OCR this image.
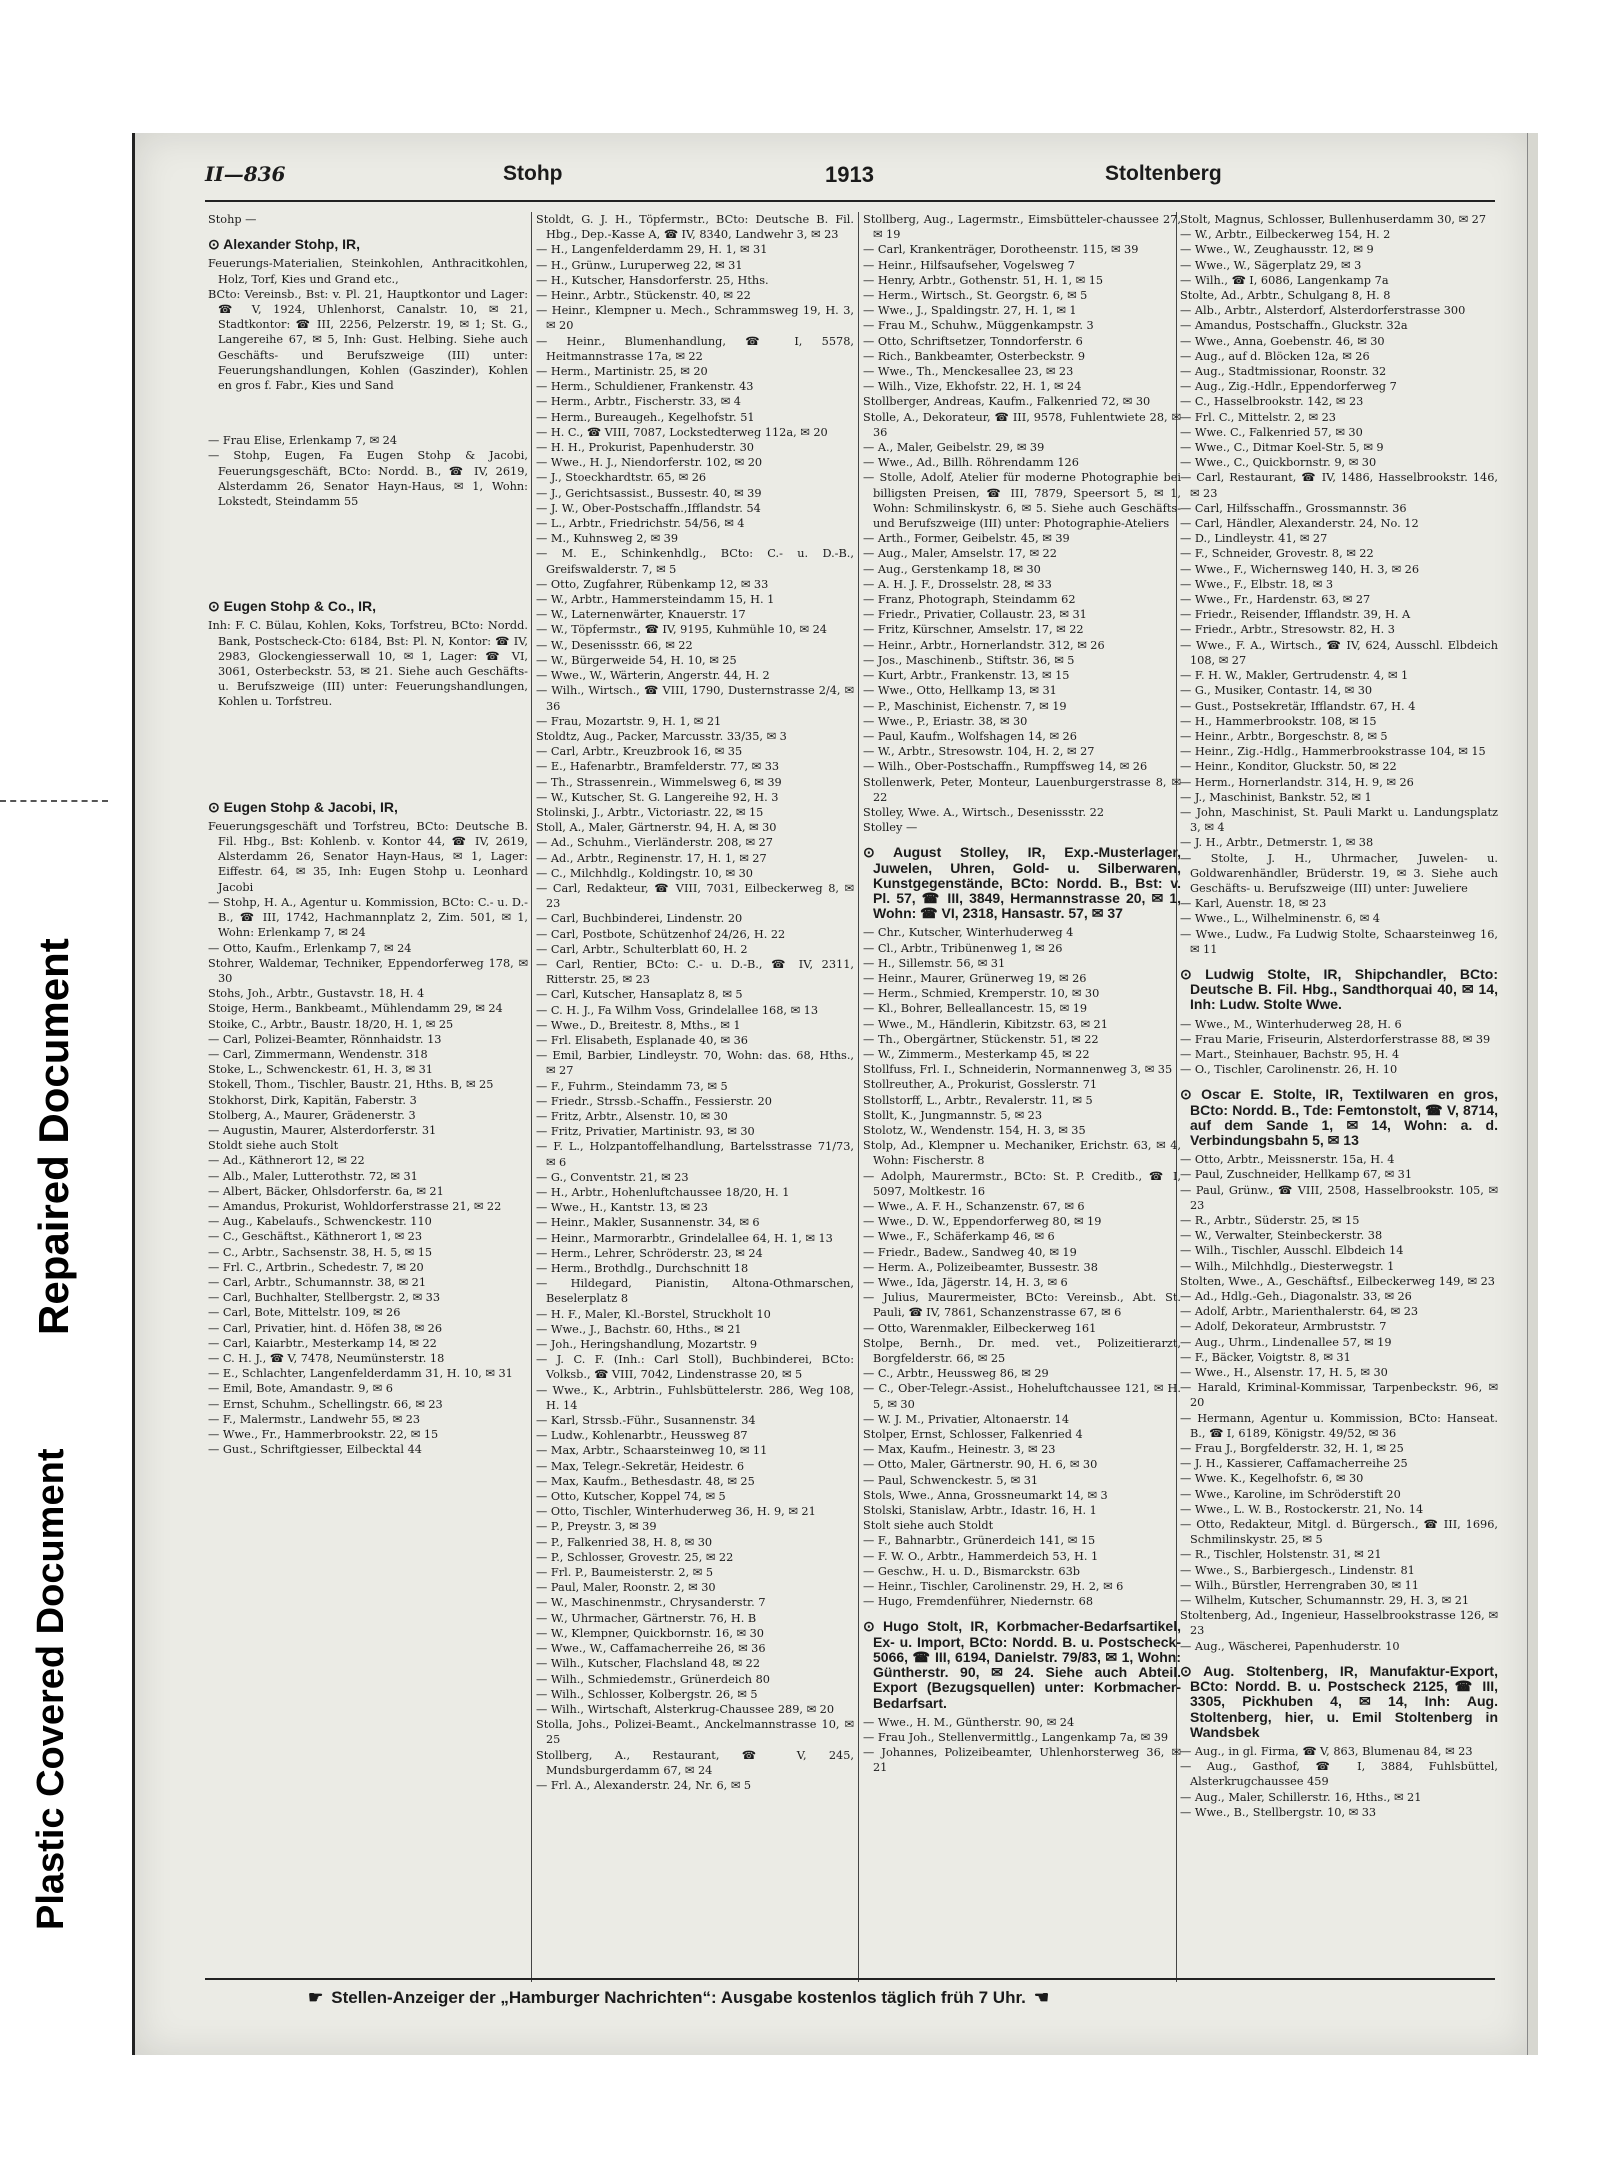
Plastic Covered Document
Repaired Document
II—836	Stohp	1913	Stoltenberg

Stohp —

⊙ Alexander Stohp, IR,

Feuerungs-Materialien, Steinkohlen, Anthracitkohlen, Holz, Torf, Kies und Grand etc.,

BCto: Vereinsb., Bst: v. Pl. 21, Hauptkontor und Lager: ☎ V, 1924, Uhlenhorst, Canalstr. 10, ✉ 21, Stadtkontor: ☎ III, 2256, Pelzerstr. 19, ✉ 1; St. G., Langereihe 67, ✉ 5, Inh: Gust. Helbing. Siehe auch Geschäfts- und Berufszweige (III) unter: Feuerungshandlungen, Kohlen (Gaszinder), Kohlen en gros f. Fabr., Kies und Sand

— Frau Elise, Erlenkamp 7, ✉ 24

— Stohp, Eugen, Fa Eugen Stohp & Jacobi, Feuerungsgeschäft, BCto: Nordd. B., ☎ IV, 2619, Alsterdamm 26, Senator Hayn-Haus, ✉ 1, Wohn: Lokstedt, Steindamm 55

⊙ Eugen Stohp & Co., IR,

Inh: F. C. Bülau, Kohlen, Koks, Torfstreu, BCto: Nordd. Bank, Postscheck-Cto: 6184, Bst: Pl. N, Kontor: ☎ IV, 2983, Glockengiesserwall 10, ✉ 1, Lager: ☎ VI, 3061, Osterbeckstr. 53, ✉ 21. Siehe auch Geschäfts- u. Berufszweige (III) unter: Feuerungshandlungen, Kohlen u. Torfstreu.

⊙ Eugen Stohp & Jacobi, IR,

Feuerungsgeschäft und Torfstreu, BCto: Deutsche B. Fil. Hbg., Bst: Kohlenb. v. Kontor 44, ☎ IV, 2619, Alsterdamm 26, Senator Hayn-Haus, ✉ 1, Lager: Eiffestr. 64, ✉ 35, Inh: Eugen Stohp u. Leonhard Jacobi

— Stohp, H. A., Agentur u. Kommission, BCto: C.- u. D.-B., ☎ III, 1742, Hachmannplatz 2, Zim. 501, ✉ 1, Wohn: Erlenkamp 7, ✉ 24

— Otto, Kaufm., Erlenkamp 7, ✉ 24

Stohrer, Waldemar, Techniker, Eppendorferweg 178, ✉ 30

Stohs, Joh., Arbtr., Gustavstr. 18, H. 4

Stoige, Herm., Bankbeamt., Mühlendamm 29, ✉ 24

Stoike, C., Arbtr., Baustr. 18/20, H. 1, ✉ 25

— Carl, Polizei-Beamter, Rönnhaidstr. 13

— Carl, Zimmermann, Wendenstr. 318

Stoke, L., Schwenckestr. 61, H. 3, ✉ 31

Stokell, Thom., Tischler, Baustr. 21, Hths. B, ✉ 25

Stokhorst, Dirk, Kapitän, Faberstr. 3

Stolberg, A., Maurer, Grädenerstr. 3

— Augustin, Maurer, Alsterdorferstr. 31

Stoldt siehe auch Stolt

— Ad., Käthnerort 12, ✉ 22

— Alb., Maler, Lutterothstr. 72, ✉ 31

— Albert, Bäcker, Ohlsdorferstr. 6a, ✉ 21

— Amandus, Prokurist, Wohldorferstrasse 21, ✉ 22

— Aug., Kabelaufs., Schwenckestr. 110

— C., Geschäftst., Käthnerort 1, ✉ 23

— C., Arbtr., Sachsenstr. 38, H. 5, ✉ 15

— Frl. C., Artbrin., Schedestr. 7, ✉ 20

— Carl, Arbtr., Schumannstr. 38, ✉ 21

— Carl, Buchhalter, Stellbergstr. 2, ✉ 33

— Carl, Bote, Mittelstr. 109, ✉ 26

— Carl, Privatier, hint. d. Höfen 38, ✉ 26

— Carl, Kaiarbtr., Mesterkamp 14, ✉ 22

— C. H. J., ☎ V, 7478, Neumünsterstr. 18

— E., Schlachter, Langenfelderdamm 31, H. 10, ✉ 31

— Emil, Bote, Amandastr. 9, ✉ 6

— Ernst, Schuhm., Schellingstr. 66, ✉ 23

— F., Malermstr., Landwehr 55, ✉ 23

— Wwe., Fr., Hammerbrookstr. 22, ✉ 15

— Gust., Schriftgiesser, Eilbecktal 44

Stoldt, G. J. H., Töpfermstr., BCto: Deutsche B. Fil. Hbg., Dep.-Kasse A, ☎ IV, 8340, Landwehr 3, ✉ 23

— H., Langenfelderdamm 29, H. 1, ✉ 31

— H., Grünw., Luruperweg 22, ✉ 31

— H., Kutscher, Hansdorferstr. 25, Hths.

— Heinr., Arbtr., Stückenstr. 40, ✉ 22

— Heinr., Klempner u. Mech., Schrammsweg 19, H. 3, ✉ 20

— Heinr., Blumenhandlung, ☎ I, 5578, Heitmannstrasse 17a, ✉ 22

— Herm., Martinistr. 25, ✉ 20

— Herm., Schuldiener, Frankenstr. 43

— Herm., Arbtr., Fischerstr. 33, ✉ 4

— Herm., Bureaugeh., Kegelhofstr. 51

— H. C., ☎ VIII, 7087, Lockstedterweg 112a, ✉ 20

— H. H., Prokurist, Papenhuderstr. 30

— Wwe., H. J., Niendorferstr. 102, ✉ 20

— J., Stoeckhardtstr. 65, ✉ 26

— J., Gerichtsassist., Bussestr. 40, ✉ 39

— J. W., Ober-Postschaffn.,Ifflandstr. 54

— L., Arbtr., Friedrichstr. 54/56, ✉ 4

— M., Kuhnsweg 2, ✉ 39

— M. E., Schinkenhdlg., BCto: C.- u. D.-B., Greifswalderstr. 7, ✉ 5

— Otto, Zugfahrer, Rübenkamp 12, ✉ 33

— W., Arbtr., Hammersteindamm 15, H. 1

— W., Laternenwärter, Knauerstr. 17

— W., Töpfermstr., ☎ IV, 9195, Kuhmühle 10, ✉ 24

— W., Desenissstr. 66, ✉ 22

— W., Bürgerweide 54, H. 10, ✉ 25

— Wwe., W., Wärterin, Angerstr. 44, H. 2

— Wilh., Wirtsch., ☎ VIII, 1790, Dusternstrasse 2/4, ✉ 36

— Frau, Mozartstr. 9, H. 1, ✉ 21

Stoldtz, Aug., Packer, Marcusstr. 33/35, ✉ 3

— Carl, Arbtr., Kreuzbrook 16, ✉ 35

— E., Hafenarbtr., Bramfelderstr. 77, ✉ 33

— Th., Strassenrein., Wimmelsweg 6, ✉ 39

— W., Kutscher, St. G. Langereihe 92, H. 3

Stolinski, J., Arbtr., Victoriastr. 22, ✉ 15

Stoll, A., Maler, Gärtnerstr. 94, H. A, ✉ 30

— Ad., Schuhm., Vierländerstr. 208, ✉ 27

— Ad., Arbtr., Reginenstr. 17, H. 1, ✉ 27

— C., Milchhdlg., Koldingstr. 10, ✉ 30

— Carl, Redakteur, ☎ VIII, 7031, Eilbeckerweg 8, ✉ 23

— Carl, Buchbinderei, Lindenstr. 20

— Carl, Postbote, Schützenhof 24/26, H. 22

— Carl, Arbtr., Schulterblatt 60, H. 2

— Carl, Rentier, BCto: C.- u. D.-B., ☎ IV, 2311, Ritterstr. 25, ✉ 23

— Carl, Kutscher, Hansaplatz 8, ✉ 5

— C. H. J., Fa Wilhm Voss, Grindelallee 168, ✉ 13

— Wwe., D., Breitestr. 8, Mths., ✉ 1

— Frl. Elisabeth, Esplanade 40, ✉ 36

— Emil, Barbier, Lindleystr. 70, Wohn: das. 68, Hths., ✉ 27

— F., Fuhrm., Steindamm 73, ✉ 5

— Friedr., Strssb.-Schaffn., Fessierstr. 20

— Fritz, Arbtr., Alsenstr. 10, ✉ 30

— Fritz, Privatier, Martinistr. 93, ✉ 30

— F. L., Holzpantoffelhandlung, Bartelsstrasse 71/73, ✉ 6

— G., Conventstr. 21, ✉ 23

— H., Arbtr., Hohenluftchaussee 18/20, H. 1

— Wwe., H., Kantstr. 13, ✉ 23

— Heinr., Makler, Susannenstr. 34, ✉ 6

— Heinr., Marmorarbtr., Grindelallee 64, H. 1, ✉ 13

— Herm., Lehrer, Schröderstr. 23, ✉ 24

— Herm., Brothdlg., Durchschnitt 18

— Hildegard, Pianistin, Altona-Othmarschen, Beselerplatz 8

— H. F., Maler, Kl.-Borstel, Struckholt 10

— Wwe., J., Bachstr. 60, Hths., ✉ 21

— Joh., Heringshandlung, Mozartstr. 9

— J. C. F. (Inh.: Carl Stoll), Buchbinderei, BCto: Volksb., ☎ VIII, 7042, Lindenstrasse 20, ✉ 5

— Wwe., K., Arbtrin., Fuhlsbüttelerstr. 286, Weg 108, H. 14

— Karl, Strssb.-Führ., Susannenstr. 34

— Ludw., Kohlenarbtr., Heussweg 87

— Max, Arbtr., Schaarsteinweg 10, ✉ 11

— Max, Telegr.-Sekretär, Heidestr. 6

— Max, Kaufm., Bethesdastr. 48, ✉ 25

— Otto, Kutscher, Koppel 74, ✉ 5

— Otto, Tischler, Winterhuderweg 36, H. 9, ✉ 21

— P., Preystr. 3, ✉ 39

— P., Falkenried 38, H. 8, ✉ 30

— P., Schlosser, Grovestr. 25, ✉ 22

— Frl. P., Baumeisterstr. 2, ✉ 5

— Paul, Maler, Roonstr. 2, ✉ 30

— W., Maschinenmstr., Chrysanderstr. 7

— W., Uhrmacher, Gärtnerstr. 76, H. B

— W., Klempner, Quickbornstr. 16, ✉ 30

— Wwe., W., Caffamacherreihe 26, ✉ 36

— Wilh., Kutscher, Flachsland 48, ✉ 22

— Wilh., Schmiedemstr., Grünerdeich 80

— Wilh., Schlosser, Kolbergstr. 26, ✉ 5

— Wilh., Wirtschaft, Alsterkrug-Chaussee 289, ✉ 20

Stolla, Johs., Polizei-Beamt., Anckelmannstrasse 10, ✉ 25

Stollberg, A., Restaurant, ☎ V, 245, Mundsburgerdamm 67, ✉ 24

— Frl. A., Alexanderstr. 24, Nr. 6, ✉ 5

Stollberg, Aug., Lagermstr., Eimsbütteler-chaussee 27, ✉ 19

— Carl, Krankenträger, Dorotheenstr. 115, ✉ 39

— Heinr., Hilfsaufseher, Vogelsweg 7

— Henry, Arbtr., Gothenstr. 51, H. 1, ✉ 15

— Herm., Wirtsch., St. Georgstr. 6, ✉ 5

— Wwe., J., Spaldingstr. 27, H. 1, ✉ 1

— Frau M., Schuhw., Müggenkampstr. 3

— Otto, Schriftsetzer, Tonndorferstr. 6

— Rich., Bankbeamter, Osterbeckstr. 9

— Wwe., Th., Menckesallee 23, ✉ 23

— Wilh., Vize, Ekhofstr. 22, H. 1, ✉ 24

Stollberger, Andreas, Kaufm., Falkenried 72, ✉ 30

Stolle, A., Dekorateur, ☎ III, 9578, Fuhlentwiete 28, ✉ 36

— A., Maler, Geibelstr. 29, ✉ 39

— Wwe., Ad., Billh. Röhrendamm 126

— Stolle, Adolf, Atelier für moderne Photographie bei billigsten Preisen, ☎ III, 7879, Speersort 5, ✉ 1, Wohn: Schmilinskystr. 6, ✉ 5. Siehe auch Geschäfts- und Berufszweige (III) unter: Photographie-Ateliers

— Arth., Former, Geibelstr. 45, ✉ 39

— Aug., Maler, Amselstr. 17, ✉ 22

— Aug., Gerstenkamp 18, ✉ 30

— A. H. J. F., Drosselstr. 28, ✉ 33

— Franz, Photograph, Steindamm 62

— Friedr., Privatier, Collaustr. 23, ✉ 31

— Fritz, Kürschner, Amselstr. 17, ✉ 22

— Heinr., Arbtr., Hornerlandstr. 312, ✉ 26

— Jos., Maschinenb., Stiftstr. 36, ✉ 5

— Kurt, Arbtr., Frankenstr. 13, ✉ 15

— Wwe., Otto, Hellkamp 13, ✉ 31

— P., Maschinist, Eichenstr. 7, ✉ 19

— Wwe., P., Eriastr. 38, ✉ 30

— Paul, Kaufm., Wolfshagen 14, ✉ 26

— W., Arbtr., Stresowstr. 104, H. 2, ✉ 27

— Wilh., Ober-Postschaffn., Rumpffsweg 14, ✉ 26

Stollenwerk, Peter, Monteur, Lauenburgerstrasse 8, ✉ 22

Stolley, Wwe. A., Wirtsch., Desenissstr. 22

Stolley —

⊙ August Stolley, IR, Exp.-Musterlager, Juwelen, Uhren, Gold- u. Silberwaren, Kunstgegenstände, BCto: Nordd. B., Bst: v. Pl. 57, ☎ III, 3849, Hermannstrasse 20, ✉ 1, Wohn: ☎ VI, 2318, Hansastr. 57, ✉ 37

— Chr., Kutscher, Winterhuderweg 4

— Cl., Arbtr., Tribünenweg 1, ✉ 26

— H., Sillemstr. 56, ✉ 31

— Heinr., Maurer, Grünerweg 19, ✉ 26

— Herm., Schmied, Kremperstr. 10, ✉ 30

— Kl., Bohrer, Belleallancestr. 15, ✉ 19

— Wwe., M., Händlerin, Kibitzstr. 63, ✉ 21

— Th., Obergärtner, Stückenstr. 51, ✉ 22

— W., Zimmerm., Mesterkamp 45, ✉ 22

Stollfuss, Frl. I., Schneiderin, Normannenweg 3, ✉ 35

Stollreuther, A., Prokurist, Gosslerstr. 71

Stollstorff, L., Arbtr., Revalerstr. 11, ✉ 5

Stollt, K., Jungmannstr. 5, ✉ 23

Stolotz, W., Wendenstr. 154, H. 3, ✉ 35

Stolp, Ad., Klempner u. Mechaniker, Erichstr. 63, ✉ 4, Wohn: Fischerstr. 8

— Adolph, Maurermstr., BCto: St. P. Creditb., ☎ I, 5097, Moltkestr. 16

— Wwe., A. F. H., Schanzenstr. 67, ✉ 6

— Wwe., D. W., Eppendorferweg 80, ✉ 19

— Wwe., F., Schäferkamp 46, ✉ 6

— Friedr., Badew., Sandweg 40, ✉ 19

— Herm. A., Polizeibeamter, Bussestr. 38

— Wwe., Ida, Jägerstr. 14, H. 3, ✉ 6

— Julius, Maurermeister, BCto: Vereinsb., Abt. St. Pauli, ☎ IV, 7861, Schanzenstrasse 67, ✉ 6

— Otto, Warenmakler, Eilbeckerweg 161

Stolpe, Bernh., Dr. med. vet., Polizeitierarzt, Borgfelderstr. 66, ✉ 25

— C., Arbtr., Heussweg 86, ✉ 29

— C., Ober-Telegr.-Assist., Hoheluftchaussee 121, ✉ H. 5, ✉ 30

— W. J. M., Privatier, Altonaerstr. 14

Stolper, Ernst, Schlosser, Falkenried 4

— Max, Kaufm., Heinestr. 3, ✉ 23

— Otto, Maler, Gärtnerstr. 90, H. 6, ✉ 30

— Paul, Schwenckestr. 5, ✉ 31

Stols, Wwe., Anna, Grossneumarkt 14, ✉ 3

Stolski, Stanislaw, Arbtr., Idastr. 16, H. 1

Stolt siehe auch Stoldt

— F., Bahnarbtr., Grünerdeich 141, ✉ 15

— F. W. O., Arbtr., Hammerdeich 53, H. 1

— Geschw., H. u. D., Bismarckstr. 63b

— Heinr., Tischler, Carolinenstr. 29, H. 2, ✉ 6

— Hugo, Fremdenführer, Niedernstr. 68

⊙ Hugo Stolt, IR, Korbmacher-Bedarfsartikel, Ex- u. Import, BCto: Nordd. B. u. Postscheck-5066, ☎ III, 6194, Danielstr. 79/83, ✉ 1, Wohn: Güntherstr. 90, ✉ 24. Siehe auch Abteil. Export (Bezugsquellen) unter: Korbmacher-Bedarfsart.

— Wwe., H. M., Güntherstr. 90, ✉ 24

— Frau Joh., Stellenvermittlg., Langenkamp 7a, ✉ 39

— Johannes, Polizeibeamter, Uhlenhorsterweg 36, ✉ 21

Stolt, Magnus, Schlosser, Bullenhuserdamm 30, ✉ 27

— W., Arbtr., Eilbeckerweg 154, H. 2

— Wwe., W., Zeughausstr. 12, ✉ 9

— Wwe., W., Sägerplatz 29, ✉ 3

— Wilh., ☎ I, 6086, Langenkamp 7a

Stolte, Ad., Arbtr., Schulgang 8, H. 8

— Alb., Arbtr., Alsterdorf, Alsterdorferstrasse 300

— Amandus, Postschaffn., Gluckstr. 32a

— Wwe., Anna, Goebenstr. 46, ✉ 30

— Aug., auf d. Blöcken 12a, ✉ 26

— Aug., Stadtmissionar, Roonstr. 32

— Aug., Zig.-Hdlr., Eppendorferweg 7

— C., Hasselbrookstr. 142, ✉ 23

— Frl. C., Mittelstr. 2, ✉ 23

— Wwe. C., Falkenried 57, ✉ 30

— Wwe., C., Ditmar Koel-Str. 5, ✉ 9

— Wwe., C., Quickbornstr. 9, ✉ 30

— Carl, Restaurant, ☎ IV, 1486, Hasselbrookstr. 146, ✉ 23

— Carl, Hilfsschaffn., Grossmannstr. 36

— Carl, Händler, Alexanderstr. 24, No. 12

— D., Lindleystr. 41, ✉ 27

— F., Schneider, Grovestr. 8, ✉ 22

— Wwe., F., Wichernsweg 140, H. 3, ✉ 26

— Wwe., F., Elbstr. 18, ✉ 3

— Wwe., Fr., Hardenstr. 63, ✉ 27

— Friedr., Reisender, Ifflandstr. 39, H. A

— Friedr., Arbtr., Stresowstr. 82, H. 3

— Wwe., F. A., Wirtsch., ☎ IV, 624, Ausschl. Elbdeich 108, ✉ 27

— F. H. W., Makler, Gertrudenstr. 4, ✉ 1

— G., Musiker, Contastr. 14, ✉ 30

— Gust., Postsekretär, Ifflandstr. 67, H. 4

— H., Hammerbrookstr. 108, ✉ 15

— Heinr., Arbtr., Borgeschstr. 8, ✉ 5

— Heinr., Zig.-Hdlg., Hammerbrookstrasse 104, ✉ 15

— Heinr., Konditor, Gluckstr. 50, ✉ 22

— Herm., Hornerlandstr. 314, H. 9, ✉ 26

— J., Maschinist, Bankstr. 52, ✉ 1

— John, Maschinist, St. Pauli Markt u. Landungsplatz 3, ✉ 4

— J. H., Arbtr., Detmerstr. 1, ✉ 38

— Stolte, J. H., Uhrmacher, Juwelen- u. Goldwarenhändler, Brüderstr. 19, ✉ 3. Siehe auch Geschäfts- u. Berufszweige (III) unter: Juweliere

— Karl, Auenstr. 18, ✉ 23

— Wwe., L., Wilhelminenstr. 6, ✉ 4

— Wwe., Ludw., Fa Ludwig Stolte, Schaarsteinweg 16, ✉ 11

⊙ Ludwig Stolte, IR, Shipchandler, BCto: Deutsche B. Fil. Hbg., Sandthorquai 40, ✉ 14, Inh: Ludw. Stolte Wwe.

— Wwe., M., Winterhuderweg 28, H. 6

— Frau Marie, Friseurin, Alsterdorferstrasse 88, ✉ 39

— Mart., Steinhauer, Bachstr. 95, H. 4

— O., Tischler, Carolinenstr. 26, H. 10

⊙ Oscar E. Stolte, IR, Textilwaren en gros, BCto: Nordd. B., Tde: Femtonstolt, ☎ V, 8714, auf dem Sande 1, ✉ 14, Wohn: a. d. Verbindungsbahn 5, ✉ 13

— Otto, Arbtr., Meissnerstr. 15a, H. 4

— Paul, Zuschneider, Hellkamp 67, ✉ 31

— Paul, Grünw., ☎ VIII, 2508, Hasselbrookstr. 105, ✉ 23

— R., Arbtr., Süderstr. 25, ✉ 15

— W., Verwalter, Steinbeckerstr. 38

— Wilh., Tischler, Ausschl. Elbdeich 14

— Wilh., Milchhdlg., Diesterwegstr. 1

Stolten, Wwe., A., Geschäftsf., Eilbeckerweg 149, ✉ 23

— Ad., Hdlg.-Geh., Diagonalstr. 33, ✉ 26

— Adolf, Arbtr., Marienthalerstr. 64, ✉ 23

— Adolf, Dekorateur, Armbruststr. 7

— Aug., Uhrm., Lindenallee 57, ✉ 19

— F., Bäcker, Voigtstr. 8, ✉ 31

— Wwe., H., Alsenstr. 17, H. 5, ✉ 30

— Harald, Kriminal-Kommissar, Tarpenbeckstr. 96, ✉ 20

— Hermann, Agentur u. Kommission, BCto: Hanseat. B., ☎ I, 6189, Königstr. 49/52, ✉ 36

— Frau J., Borgfelderstr. 32, H. 1, ✉ 25

— J. H., Kassierer, Caffamacherreihe 25

— Wwe. K., Kegelhofstr. 6, ✉ 30

— Wwe., Karoline, im Schröderstift 20

— Wwe., L. W. B., Rostockerstr. 21, No. 14

— Otto, Redakteur, Mitgl. d. Bürgersch., ☎ III, 1696, Schmilinskystr. 25, ✉ 5

— R., Tischler, Holstenstr. 31, ✉ 21

— Wwe., S., Barbiergesch., Lindenstr. 81

— Wilh., Bürstler, Herrengraben 30, ✉ 11

— Wilhelm, Kutscher, Schumannstr. 29, H. 3, ✉ 21

Stoltenberg, Ad., Ingenieur, Hasselbrookstrasse 126, ✉ 23

— Aug., Wäscherei, Papenhuderstr. 10

⊙ Aug. Stoltenberg, IR, Manufaktur-Export, BCto: Nordd. B. u. Postscheck 2125, ☎ III, 3305, Pickhuben 4, ✉ 14, Inh: Aug. Stoltenberg, hier, u. Emil Stoltenberg in Wandsbek

— Aug., in gl. Firma, ☎ V, 863, Blumenau 84, ✉ 23

— Aug., Gasthof, ☎ I, 3884, Fuhlsbüttel, Alsterkrugchaussee 459

— Aug., Maler, Schillerstr. 16, Hths., ✉ 21

— Wwe., B., Stellbergstr. 10, ✉ 33

☛ Stellen-Anzeiger der „Hamburger Nachrichten“: Ausgabe kostenlos täglich früh 7 Uhr. ☚
